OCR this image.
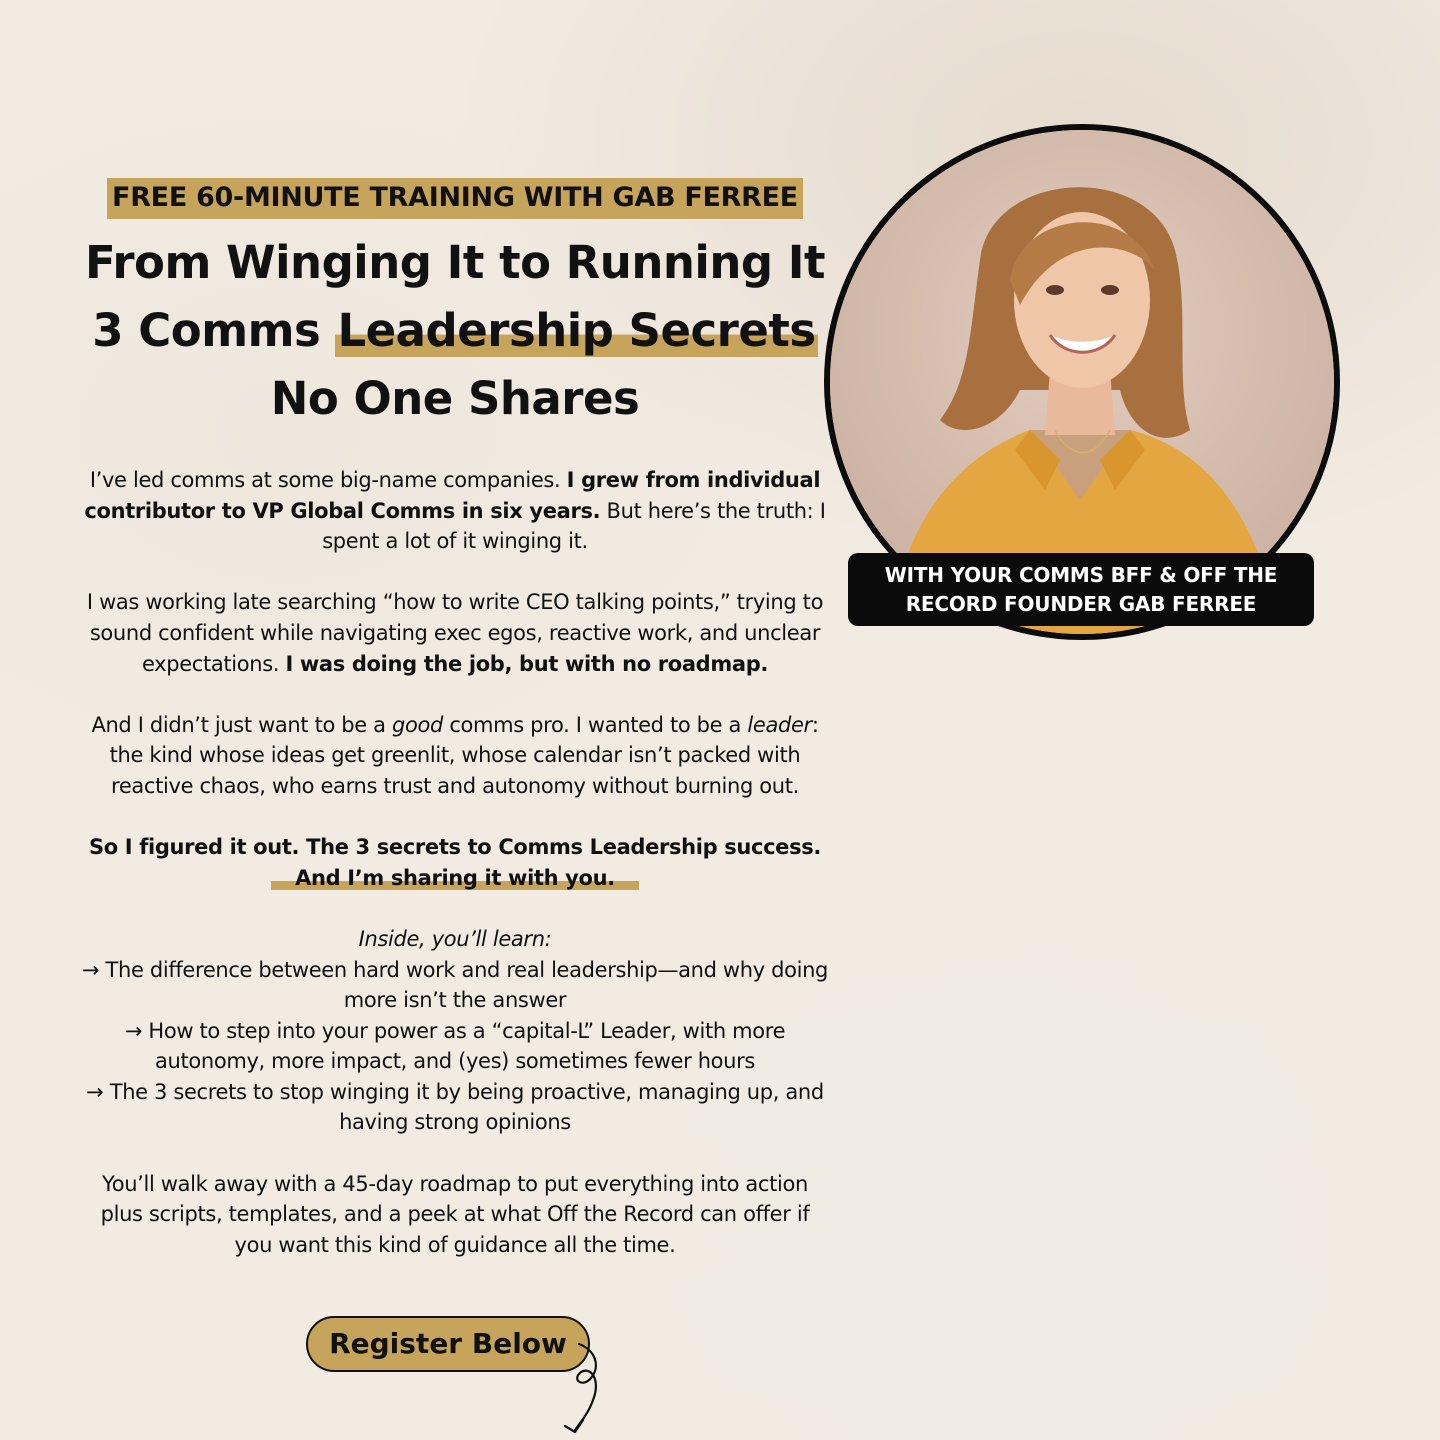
FREE 60-MINUTE TRAINING WITH GAB FERREE
From Winging It to Running It
3 Comms Leadership Secrets
No One Shares

I’ve led comms at some big-name companies. I grew from individual contributor to VP Global Comms in six years. But here’s the truth: I spent a lot of it winging it.

I was working late searching “how to write CEO talking points,” trying to sound confident while navigating exec egos, reactive work, and unclear expectations. I was doing the job, but with no roadmap.

And I didn’t just want to be a good comms pro. I wanted to be a leader: the kind whose ideas get greenlit, whose calendar isn’t packed with reactive chaos, who earns trust and autonomy without burning out.

So I figured it out. The 3 secrets to Comms Leadership success.
And I’m sharing it with you.

Inside, you’ll learn:
→ The difference between hard work and real leadership—and why doing more isn’t the answer
→ How to step into your power as a “capital-L” Leader, with more autonomy, more impact, and (yes) sometimes fewer hours
→ The 3 secrets to stop winging it by being proactive, managing up, and having strong opinions

You’ll walk away with a 45-day roadmap to put everything into action plus scripts, templates, and a peek at what Off the Record can offer if you want this kind of guidance all the time.

Register Below
WITH YOUR COMMS BFF & OFF THE
RECORD FOUNDER GAB FERREE
